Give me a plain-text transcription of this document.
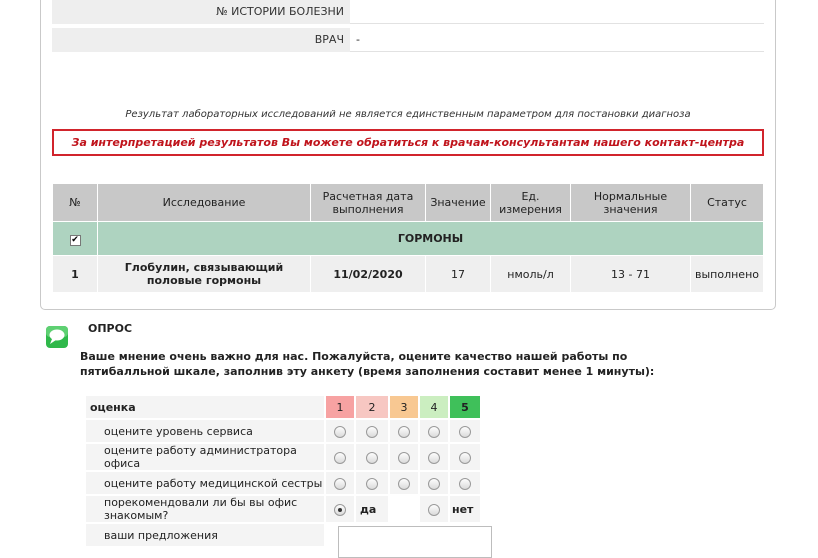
№ ИСТОРИИ БОЛЕЗНИ
ВРАЧ	-
Результат лабораторных исследований не является единственным параметром для постановки диагноза
За интерпретацией результатов Вы можете обратиться к врачам-консультантам нашего контакт-центра
№	Исследование	Расчетная дата выполнения	Значение	Ед. измерения	Нормальные значения	Статус
✔	ГОРМОНЫ					
1	Глобулин, связывающий половые гормоны	11/02/2020	17	нмоль/л	13 - 71	выполнено
ОПРОС
Ваше мнение очень важно для нас. Пожалуйста, оцените качество нашей работы по пятибалльной шкале, заполнив эту анкету (время заполнения составит менее 1 минуты):
оценка	1	2	3	4	5
оцените уровень сервиса					
оцените работу администратора офиса					
оцените работу медицинской сестры					
порекомендовали ли бы вы офис знакомым?		да			нет
ваши предложения					
